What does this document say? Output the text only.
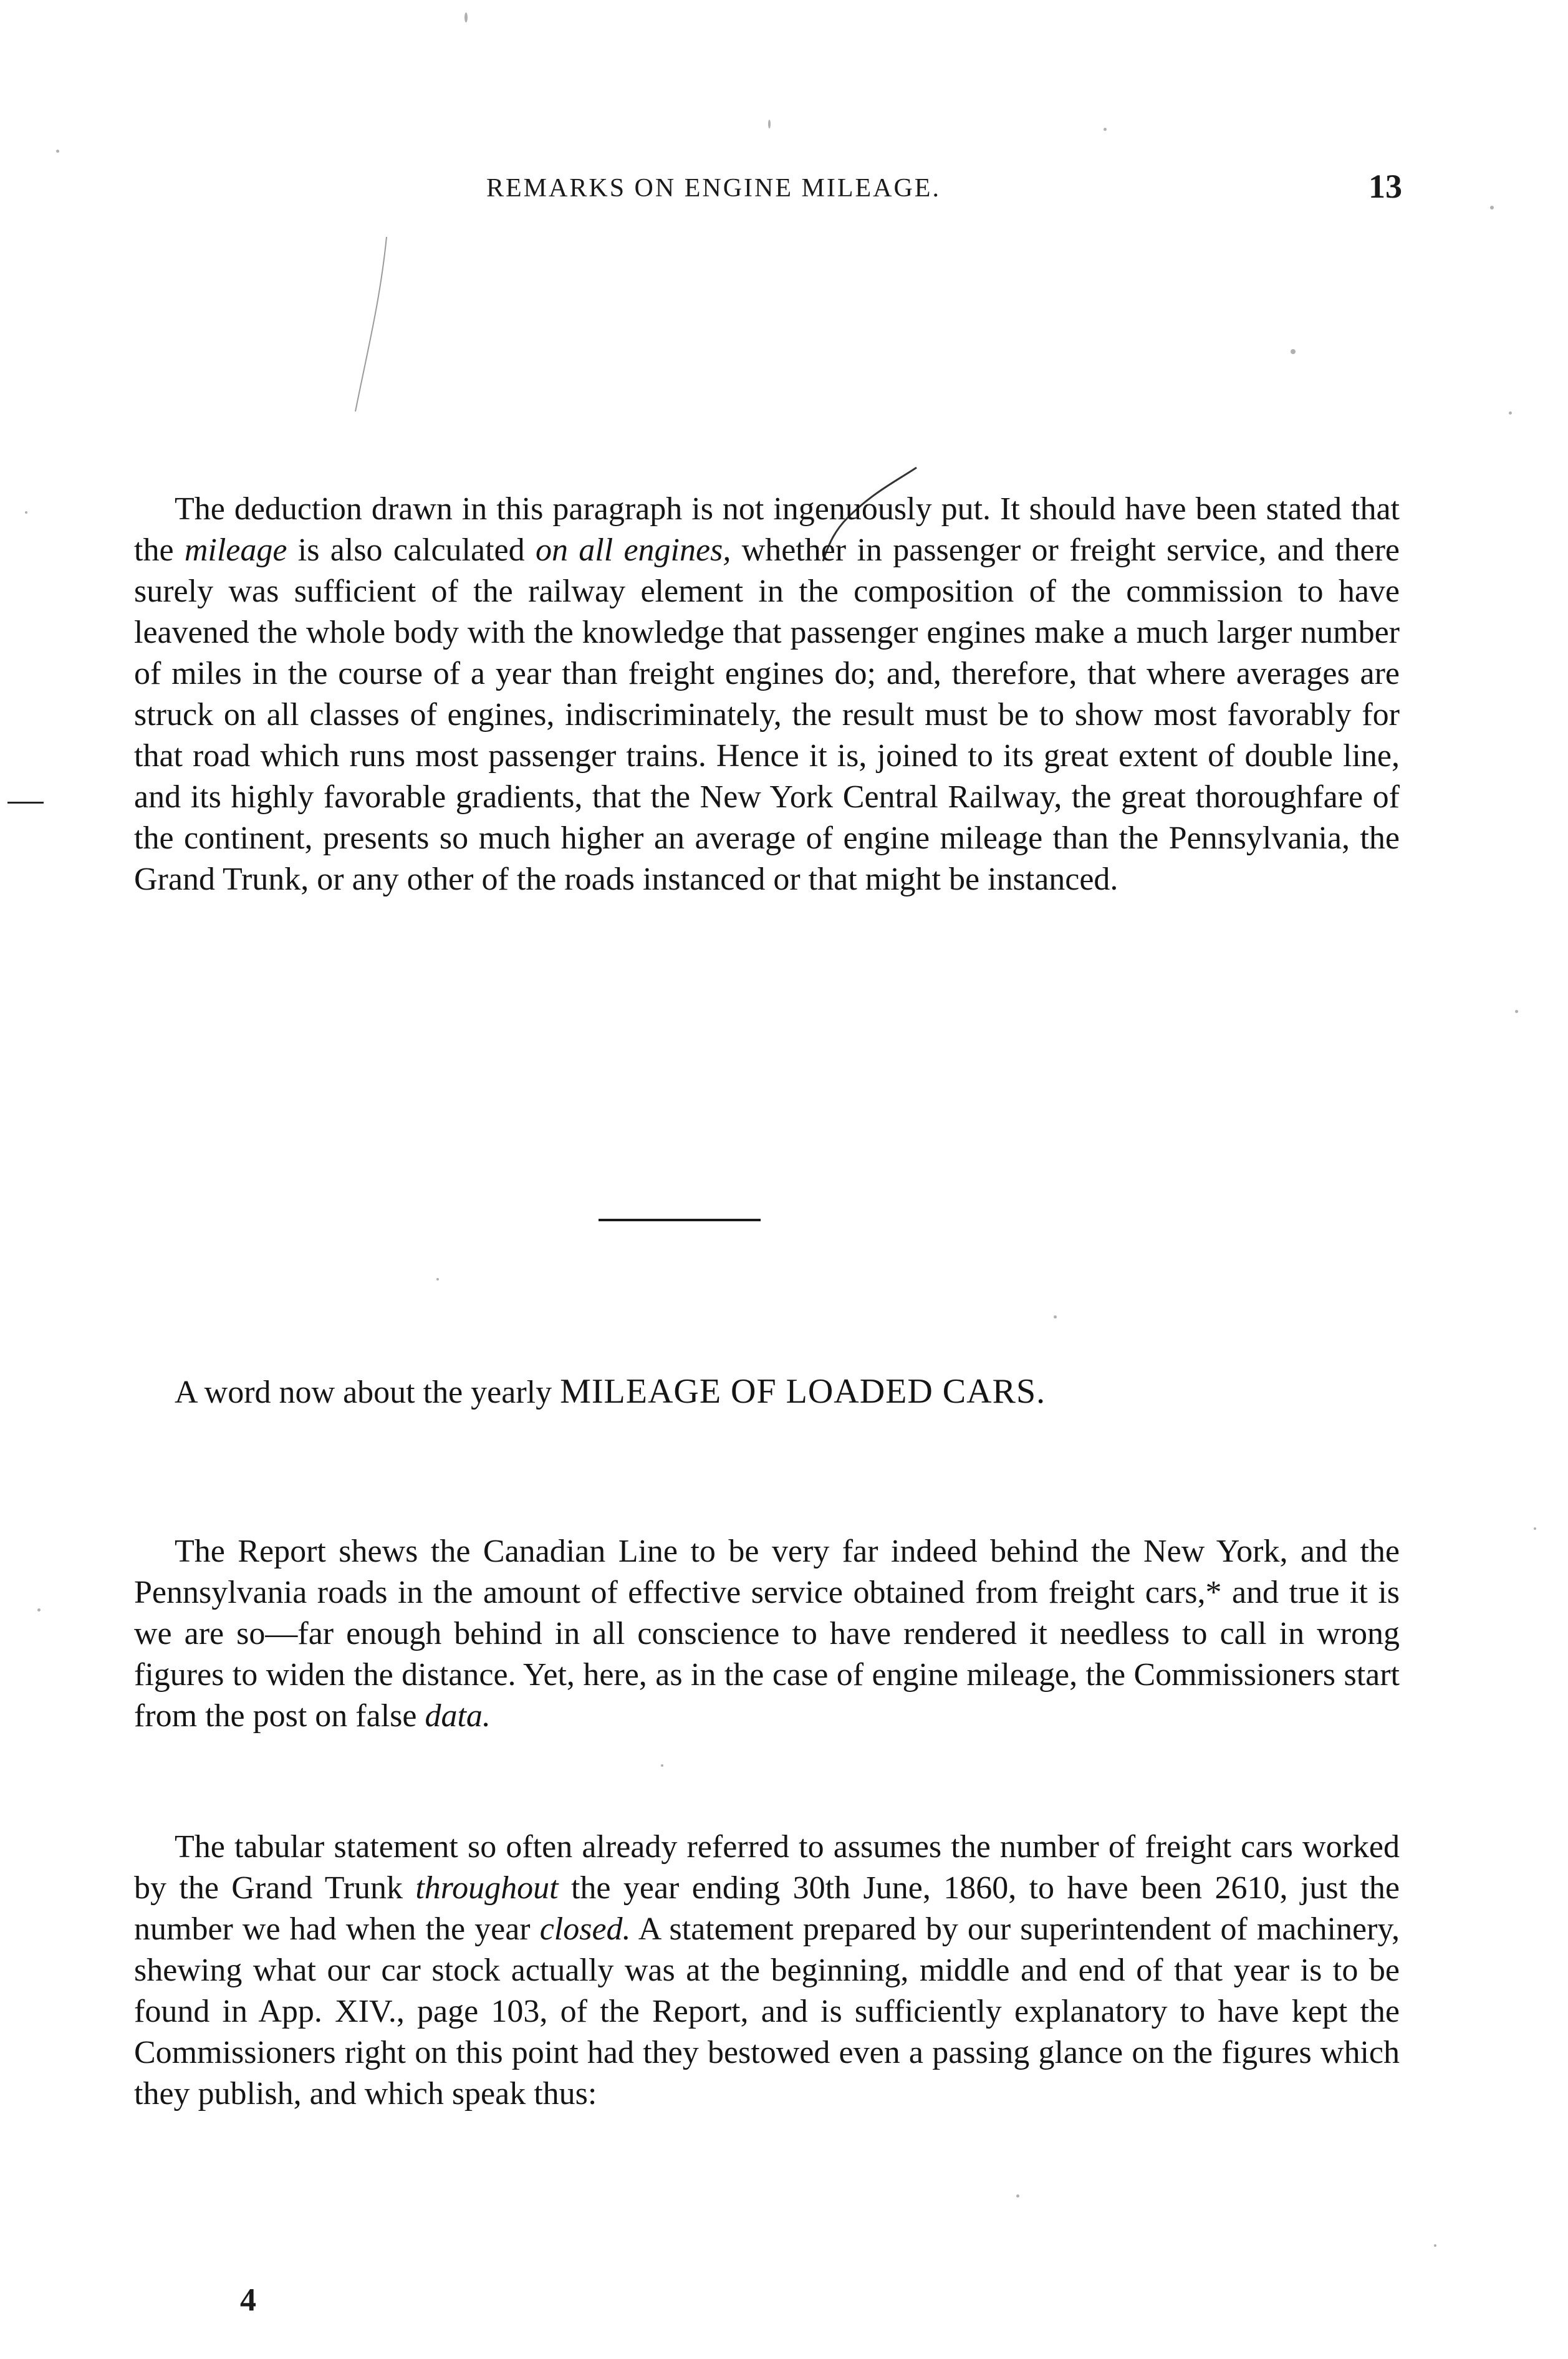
REMARKS ON ENGINE MILEAGE.	13

The deduction drawn in this paragraph is not ingenuously put. It should have been stated that the mileage is also calculated on all engines, whether in passenger or freight service, and there surely was sufficient of the railway element in the composition of the commission to have leavened the whole body with the knowledge that passenger engines make a much larger number of miles in the course of a year than freight engines do; and, therefore, that where averages are struck on all classes of engines, indiscriminately, the result must be to show most favorably for that road which runs most passenger trains. Hence it is, joined to its great extent of double line, and its highly favorable gradients, that the New York Central Railway, the great thoroughfare of the continent, presents so much higher an average of engine mileage than the Pennsylvania, the Grand Trunk, or any other of the roads instanced or that might be instanced.

A word now about the yearly MILEAGE OF LOADED CARS.

The Report shews the Canadian Line to be very far indeed behind the New York, and the Pennsylvania roads in the amount of effective service obtained from freight cars,* and true it is we are so—far enough behind in all conscience to have rendered it needless to call in wrong figures to widen the distance. Yet, here, as in the case of engine mileage, the Commissioners start from the post on false data.

The tabular statement so often already referred to assumes the number of freight cars worked by the Grand Trunk throughout the year ending 30th June, 1860, to have been 2610, just the number we had when the year closed. A statement prepared by our superintendent of machinery, shewing what our car stock actually was at the beginning, middle and end of that year is to be found in App. XIV., page 103, of the Report, and is sufficiently explanatory to have kept the Commissioners right on this point had they bestowed even a passing glance on the figures which they publish, and which speak thus:

4
